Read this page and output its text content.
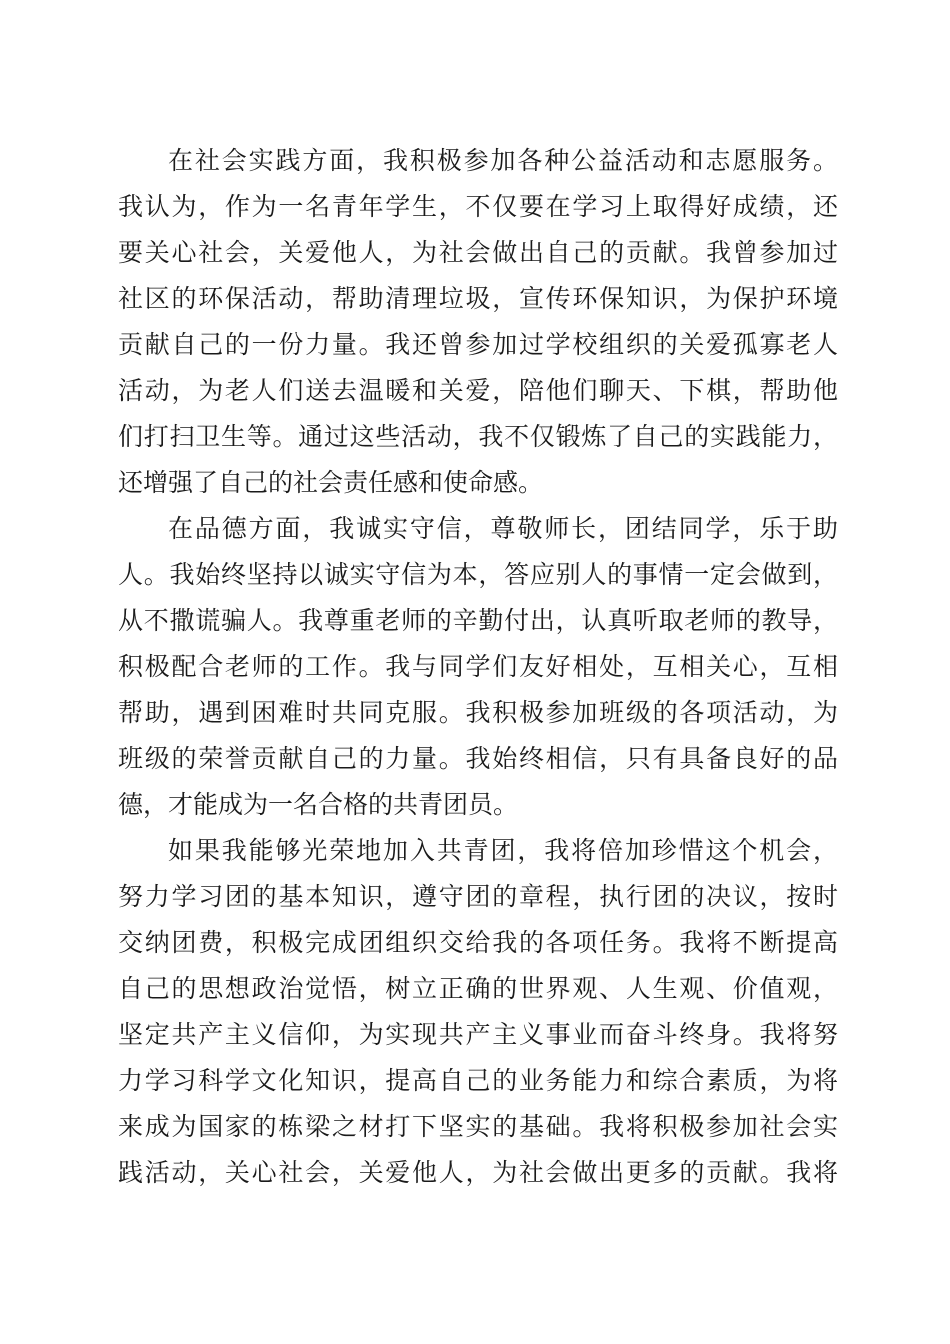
在社会实践方面，我积极参加各种公益活动和志愿服务。
我认为，作为一名青年学生，不仅要在学习上取得好成绩，还
要关心社会，关爱他人，为社会做出自己的贡献。我曾参加过
社区的环保活动，帮助清理垃圾，宣传环保知识，为保护环境
贡献自己的一份力量。我还曾参加过学校组织的关爱孤寡老人
活动，为老人们送去温暖和关爱，陪他们聊天、下棋，帮助他
们打扫卫生等。通过这些活动，我不仅锻炼了自己的实践能力，
还增强了自己的社会责任感和使命感。
在品德方面，我诚实守信，尊敬师长，团结同学，乐于助
人。我始终坚持以诚实守信为本，答应别人的事情一定会做到，
从不撒谎骗人。我尊重老师的辛勤付出，认真听取老师的教导，
积极配合老师的工作。我与同学们友好相处，互相关心，互相
帮助，遇到困难时共同克服。我积极参加班级的各项活动，为
班级的荣誉贡献自己的力量。我始终相信，只有具备良好的品
德，才能成为一名合格的共青团员。
如果我能够光荣地加入共青团，我将倍加珍惜这个机会，
努力学习团的基本知识，遵守团的章程，执行团的决议，按时
交纳团费，积极完成团组织交给我的各项任务。我将不断提高
自己的思想政治觉悟，树立正确的世界观、人生观、价值观，
坚定共产主义信仰，为实现共产主义事业而奋斗终身。我将努
力学习科学文化知识，提高自己的业务能力和综合素质，为将
来成为国家的栋梁之材打下坚实的基础。我将积极参加社会实
践活动，关心社会，关爱他人，为社会做出更多的贡献。我将
